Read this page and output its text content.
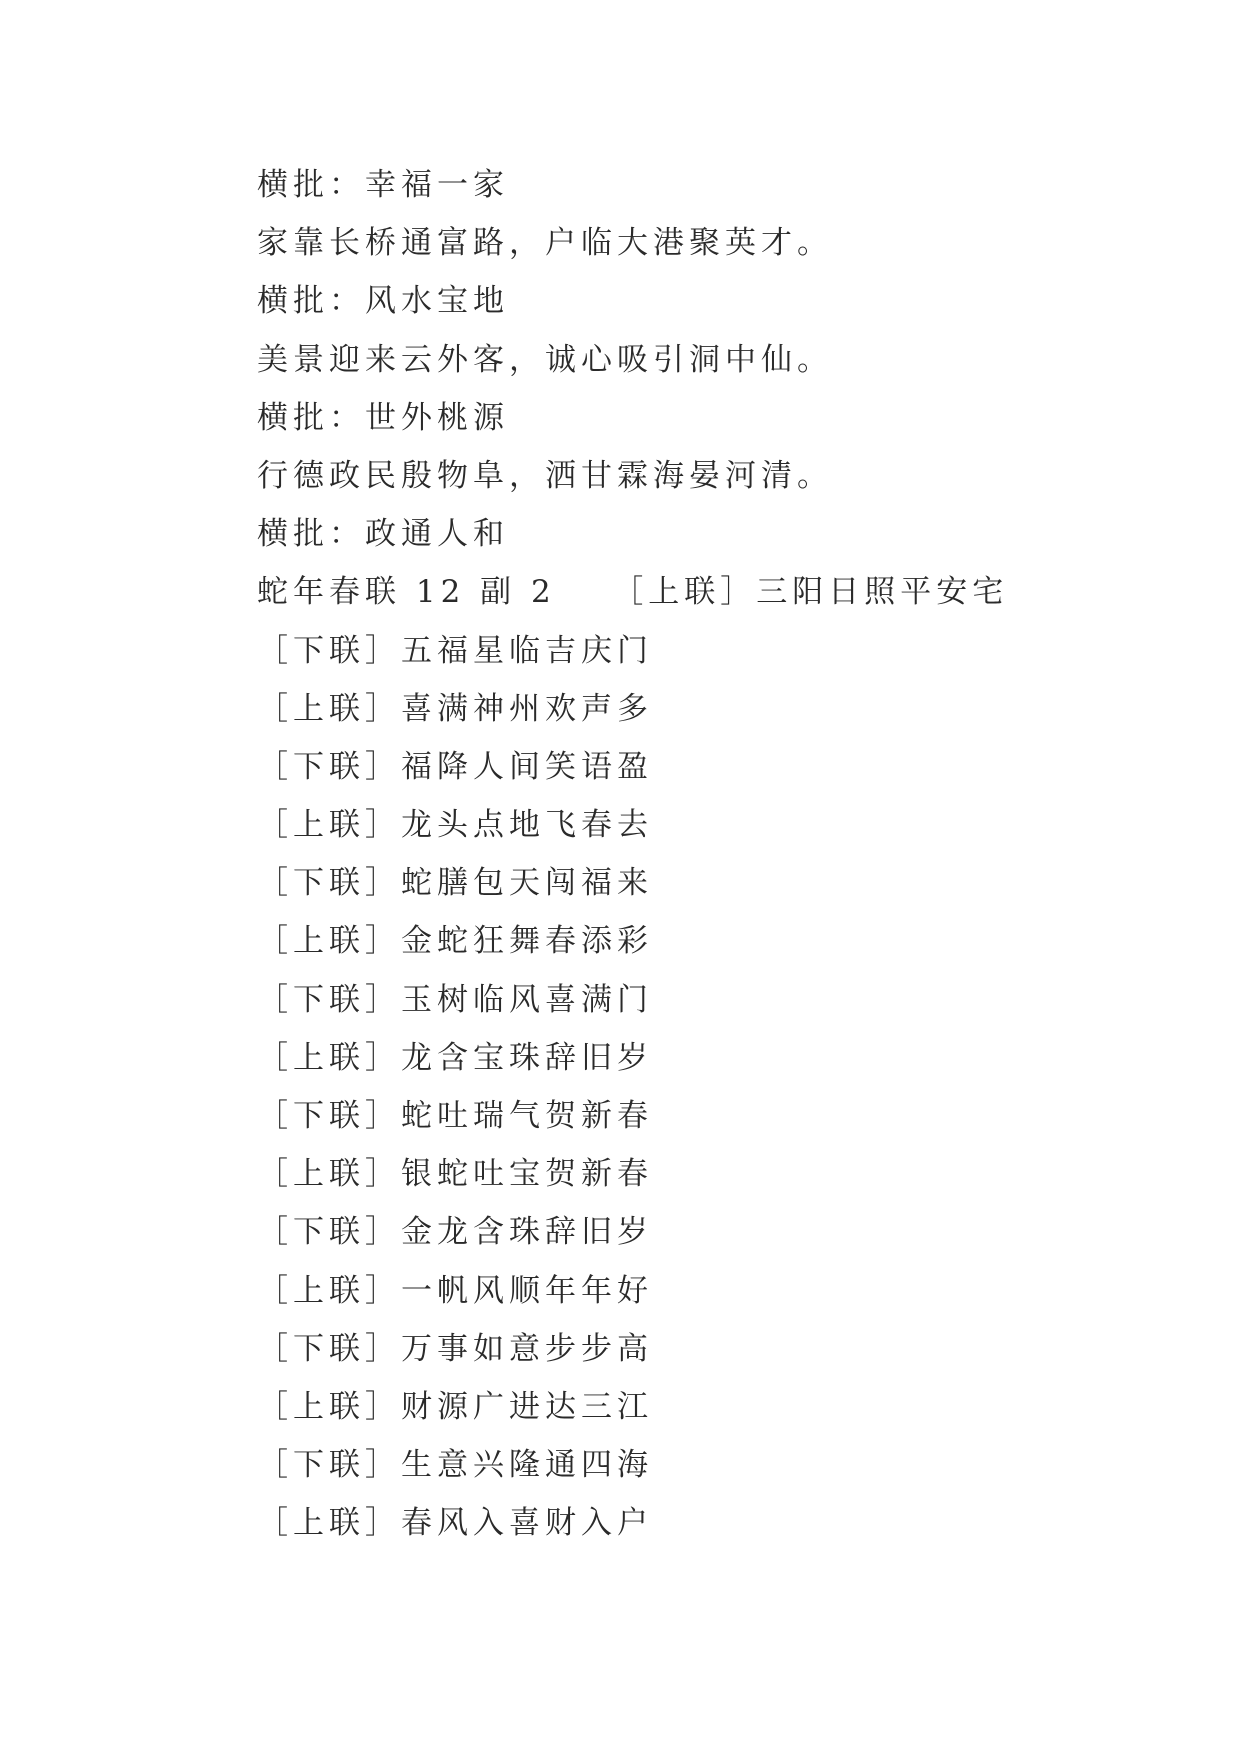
横批：幸福一家
家靠长桥通富路，户临大港聚英才。
横批：风水宝地
美景迎来云外客，诚心吸引洞中仙。
横批：世外桃源
行德政民殷物阜，洒甘霖海晏河清。
横批：政通人和
蛇年春联 12 副 2　　［上联］三阳日照平安宅
［下联］五福星临吉庆门
［上联］喜满神州欢声多
［下联］福降人间笑语盈
［上联］龙头点地飞春去
［下联］蛇膳包天闯福来
［上联］金蛇狂舞春添彩
［下联］玉树临风喜满门
［上联］龙含宝珠辞旧岁
［下联］蛇吐瑞气贺新春
［上联］银蛇吐宝贺新春
［下联］金龙含珠辞旧岁
［上联］一帆风顺年年好
［下联］万事如意步步高
［上联］财源广进达三江
［下联］生意兴隆通四海
［上联］春风入喜财入户
